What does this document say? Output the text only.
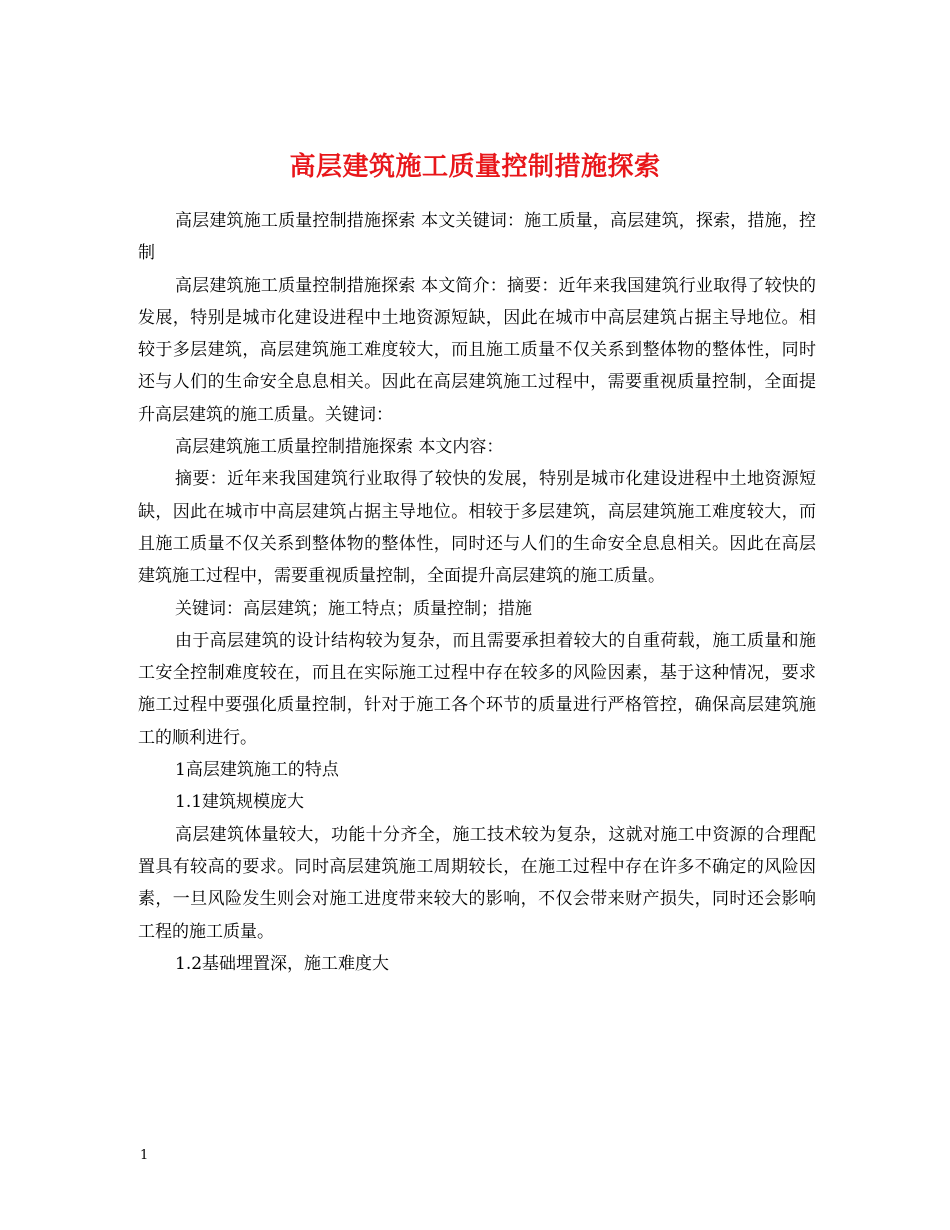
高层建筑施工质量控制措施探索

高层建筑施工质量控制措施探索 本文关键词：施工质量，高层建筑，探索，措施，控制

高层建筑施工质量控制措施探索 本文简介：摘要：近年来我国建筑行业取得了较快的发展，特别是城市化建设进程中土地资源短缺，因此在城市中高层建筑占据主导地位。相较于多层建筑，高层建筑施工难度较大，而且施工质量不仅关系到整体物的整体性，同时还与人们的生命安全息息相关。因此在高层建筑施工过程中，需要重视质量控制，全面提升高层建筑的施工质量。关键词：

高层建筑施工质量控制措施探索 本文内容：

摘要：近年来我国建筑行业取得了较快的发展，特别是城市化建设进程中土地资源短缺，因此在城市中高层建筑占据主导地位。相较于多层建筑，高层建筑施工难度较大，而且施工质量不仅关系到整体物的整体性，同时还与人们的生命安全息息相关。因此在高层建筑施工过程中，需要重视质量控制，全面提升高层建筑的施工质量。

关键词：高层建筑；施工特点；质量控制；措施

由于高层建筑的设计结构较为复杂，而且需要承担着较大的自重荷载，施工质量和施工安全控制难度较在，而且在实际施工过程中存在较多的风险因素，基于这种情况，要求施工过程中要强化质量控制，针对于施工各个环节的质量进行严格管控，确保高层建筑施工的顺利进行。

1高层建筑施工的特点

1.1建筑规模庞大

高层建筑体量较大，功能十分齐全，施工技术较为复杂，这就对施工中资源的合理配置具有较高的要求。同时高层建筑施工周期较长，在施工过程中存在许多不确定的风险因素，一旦风险发生则会对施工进度带来较大的影响，不仅会带来财产损失，同时还会影响工程的施工质量。

1.2基础埋置深，施工难度大

1
